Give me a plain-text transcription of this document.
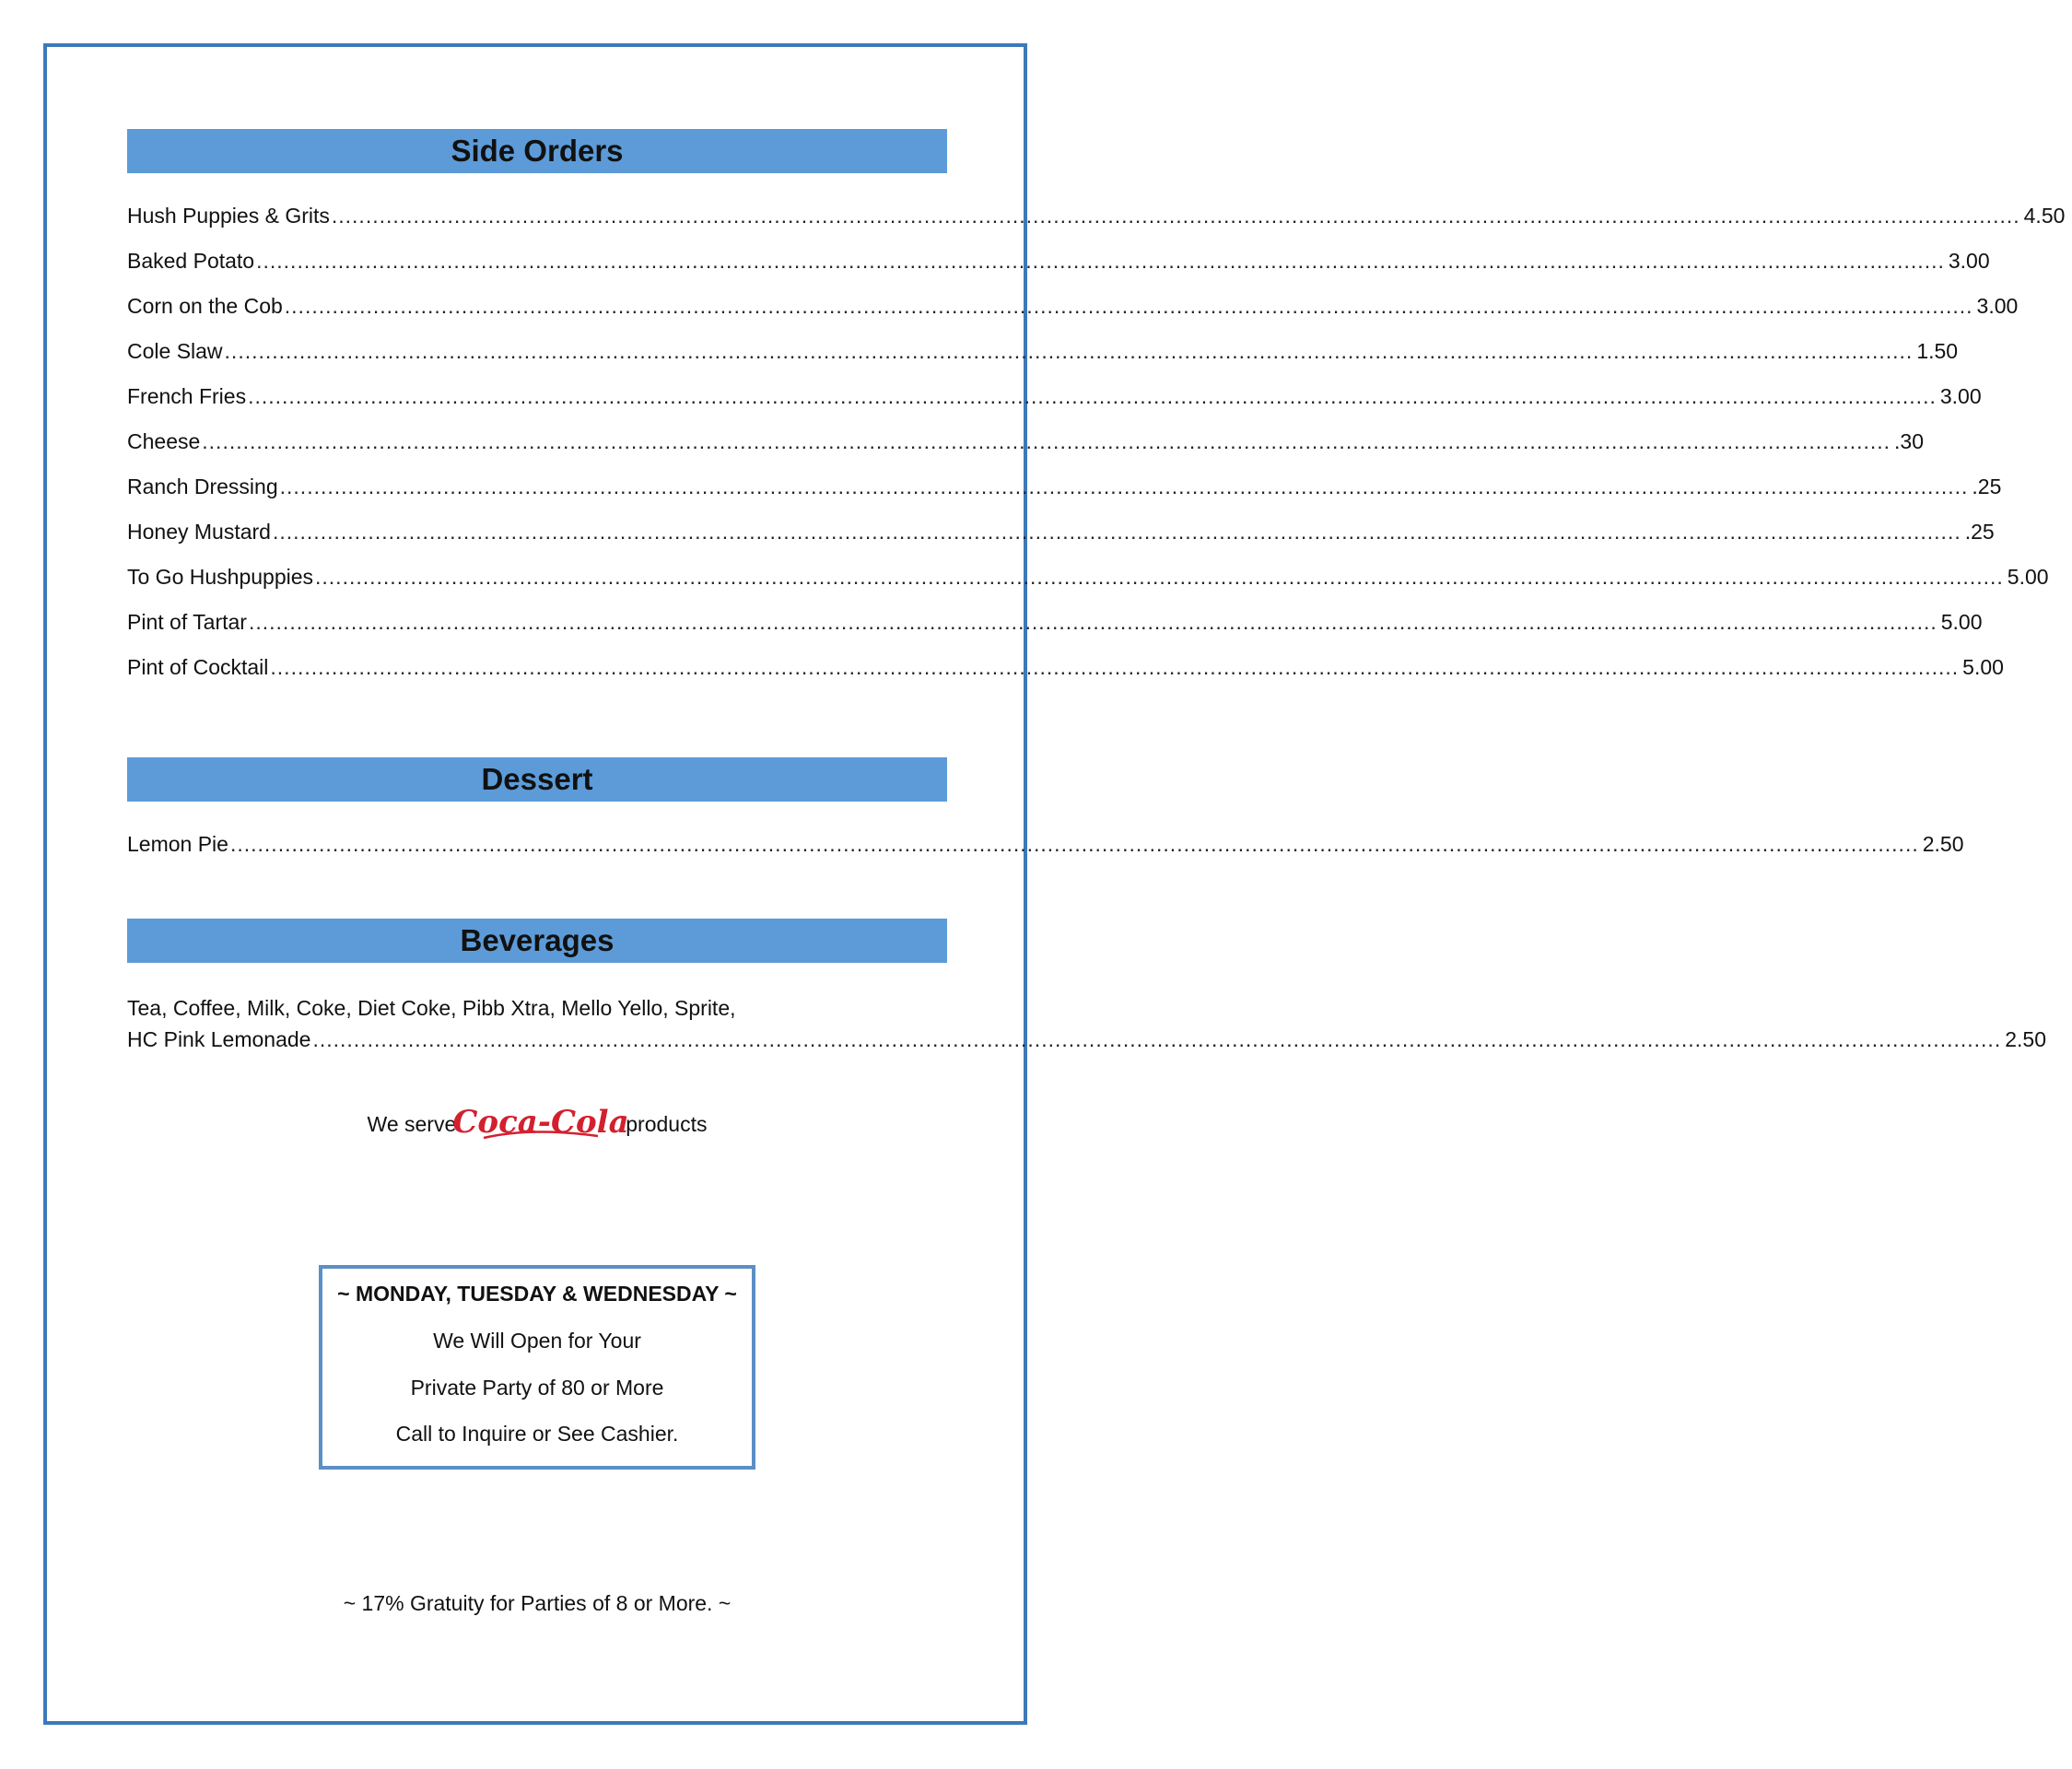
Side Orders
Hush Puppies & Grits .....	4.50
Baked Potato .....	3.00
Corn on the Cob .....	3.00
Cole Slaw .....	1.50
French Fries .....	3.00
Cheese .....	.30
Ranch Dressing .....	.25
Honey Mustard .....	.25
To Go Hushpuppies .....	5.00
Pint of Tartar .....	5.00
Pint of Cocktail .....	5.00
Dessert
Lemon Pie .....	2.50
Beverages
Tea, Coffee, Milk, Coke, Diet Coke, Pibb Xtra, Mello Yello, Sprite,
HC Pink Lemonade .....	2.50
We serve
Coca-Cola
products
~ MONDAY, TUESDAY & WEDNESDAY ~
We Will Open for Your
Private Party of 80 or More
Call to Inquire or See Cashier.
~ 17% Gratuity for Parties of 8 or More. ~
